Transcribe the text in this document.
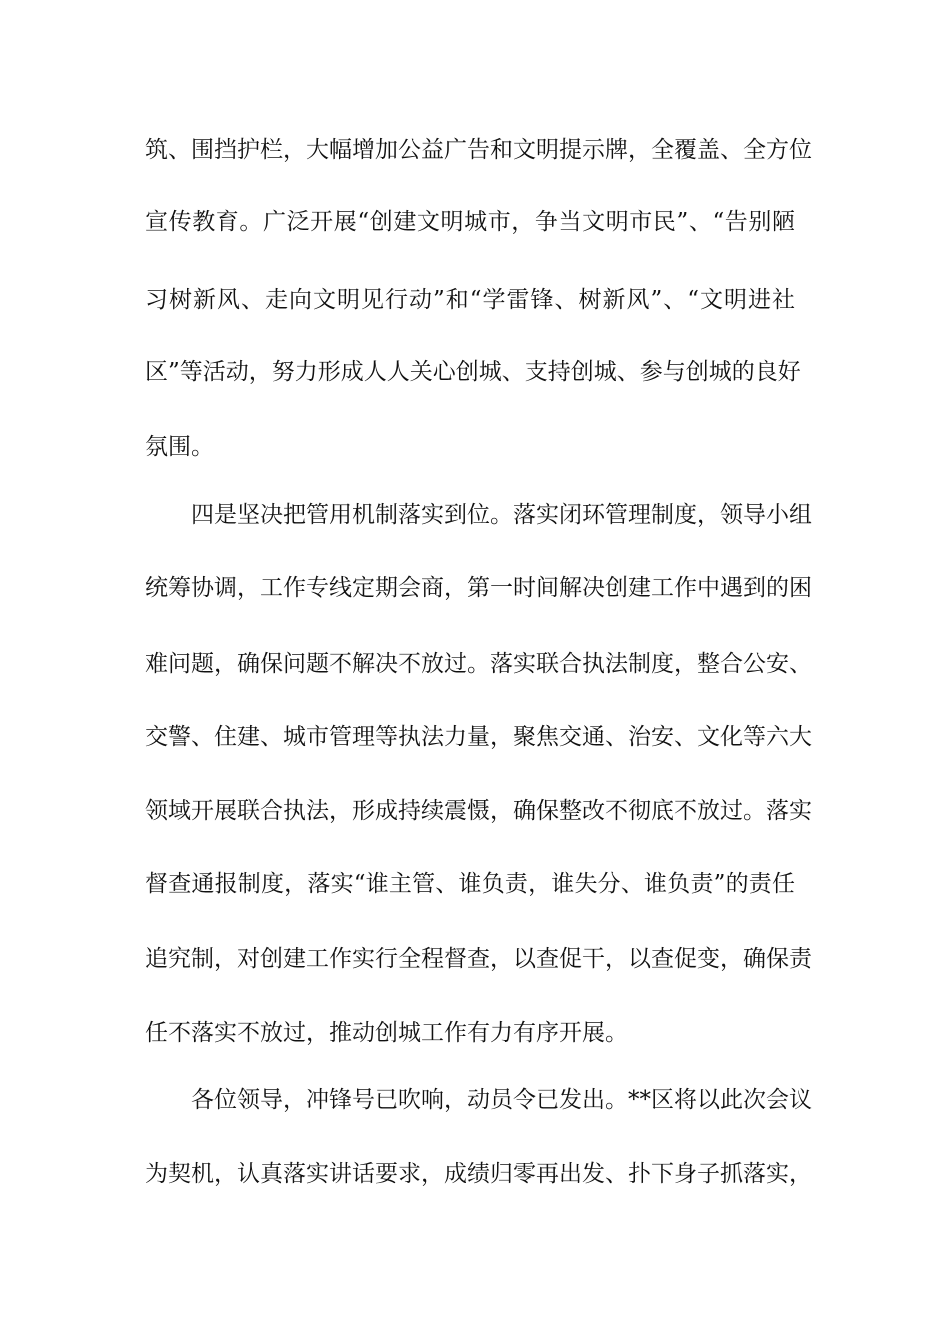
筑、围挡护栏，大幅增加公益广告和文明提示牌，全覆盖、全方位
宣传教育。广泛开展“创建文明城市，争当文明市民”、“告别陋
习树新风、走向文明见行动”和“学雷锋、树新风”、“文明进社
区”等活动，努力形成人人关心创城、支持创城、参与创城的良好
氛围。
　　四是坚决把管用机制落实到位。落实闭环管理制度，领导小组
统筹协调，工作专线定期会商，第一时间解决创建工作中遇到的困
难问题，确保问题不解决不放过。落实联合执法制度，整合公安、
交警、住建、城市管理等执法力量，聚焦交通、治安、文化等六大
领域开展联合执法，形成持续震慑，确保整改不彻底不放过。落实
督查通报制度，落实“谁主管、谁负责，谁失分、谁负责”的责任
追究制，对创建工作实行全程督查，以查促干，以查促变，确保责
任不落实不放过，推动创城工作有力有序开展。
　　各位领导，冲锋号已吹响，动员令已发出。**区将以此次会议
为契机，认真落实讲话要求，成绩归零再出发、扑下身子抓落实，
